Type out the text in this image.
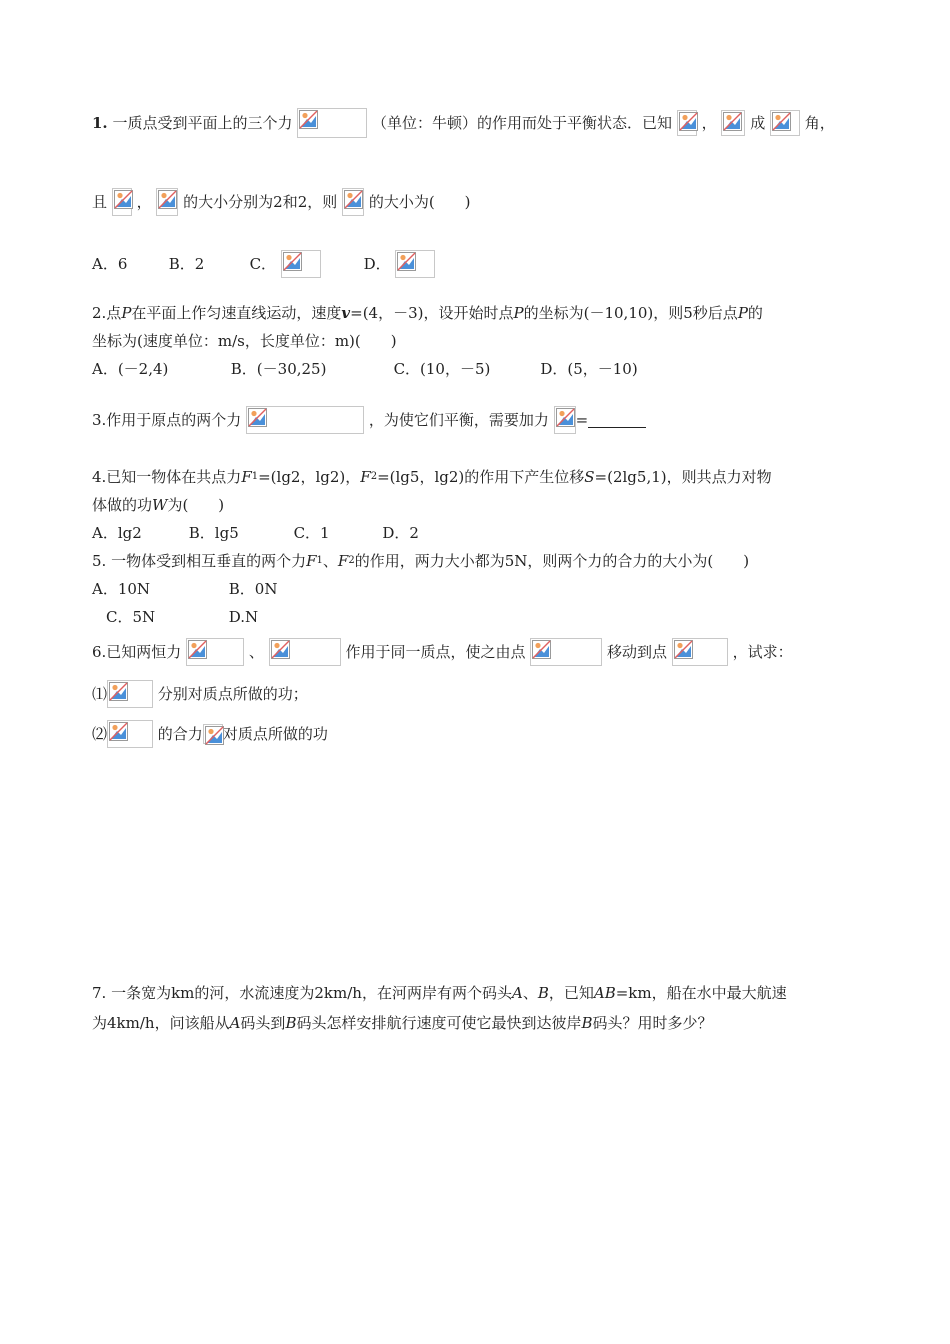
1. 一质点受到平面上的三个力	（单位：牛顿）的作用而处于平衡状态．已知 ， 成	角，
且 ， 的大小分别为2和2，则 的大小为(　　)
A．6	B．2	C．	D．
2.点P在平面上作匀速直线运动，速度v=(4，－3)，设开始时点P的坐标为(－10,10)，则5秒后点P的
坐标为(速度单位：m/s，长度单位：m)(　　)
A．(－2,4)	B．(－30,25)	C．(10，－5)	D．(5，－10)
3.作用于原点的两个力	，为使它们平衡，需要加力 =
4.已知一物体在共点力F1=(lg2，lg2)，F2=(lg5，lg2)的作用下产生位移S=(2lg5,1)，则共点力对物
体做的功W为(　　)
A．lg2	B．lg5	C．1	D．2
5. 一物体受到相互垂直的两个力F1、F2的作用，两力大小都为5N，则两个力的合力的大小为(　　)
A．10N	B．0N
C．5N	D.N
6.已知两恒力	、	作用于同一质点，使之由点	移动到点	，试求：
⑴	分别对质点所做的功；
⑵	的合力 对质点所做的功
7. 一条宽为km的河，水流速度为2km/h，在河两岸有两个码头A、B，已知AB=km，船在水中最大航速
为4km/h，问该船从A码头到B码头怎样安排航行速度可使它最快到达彼岸B码头？用时多少？
